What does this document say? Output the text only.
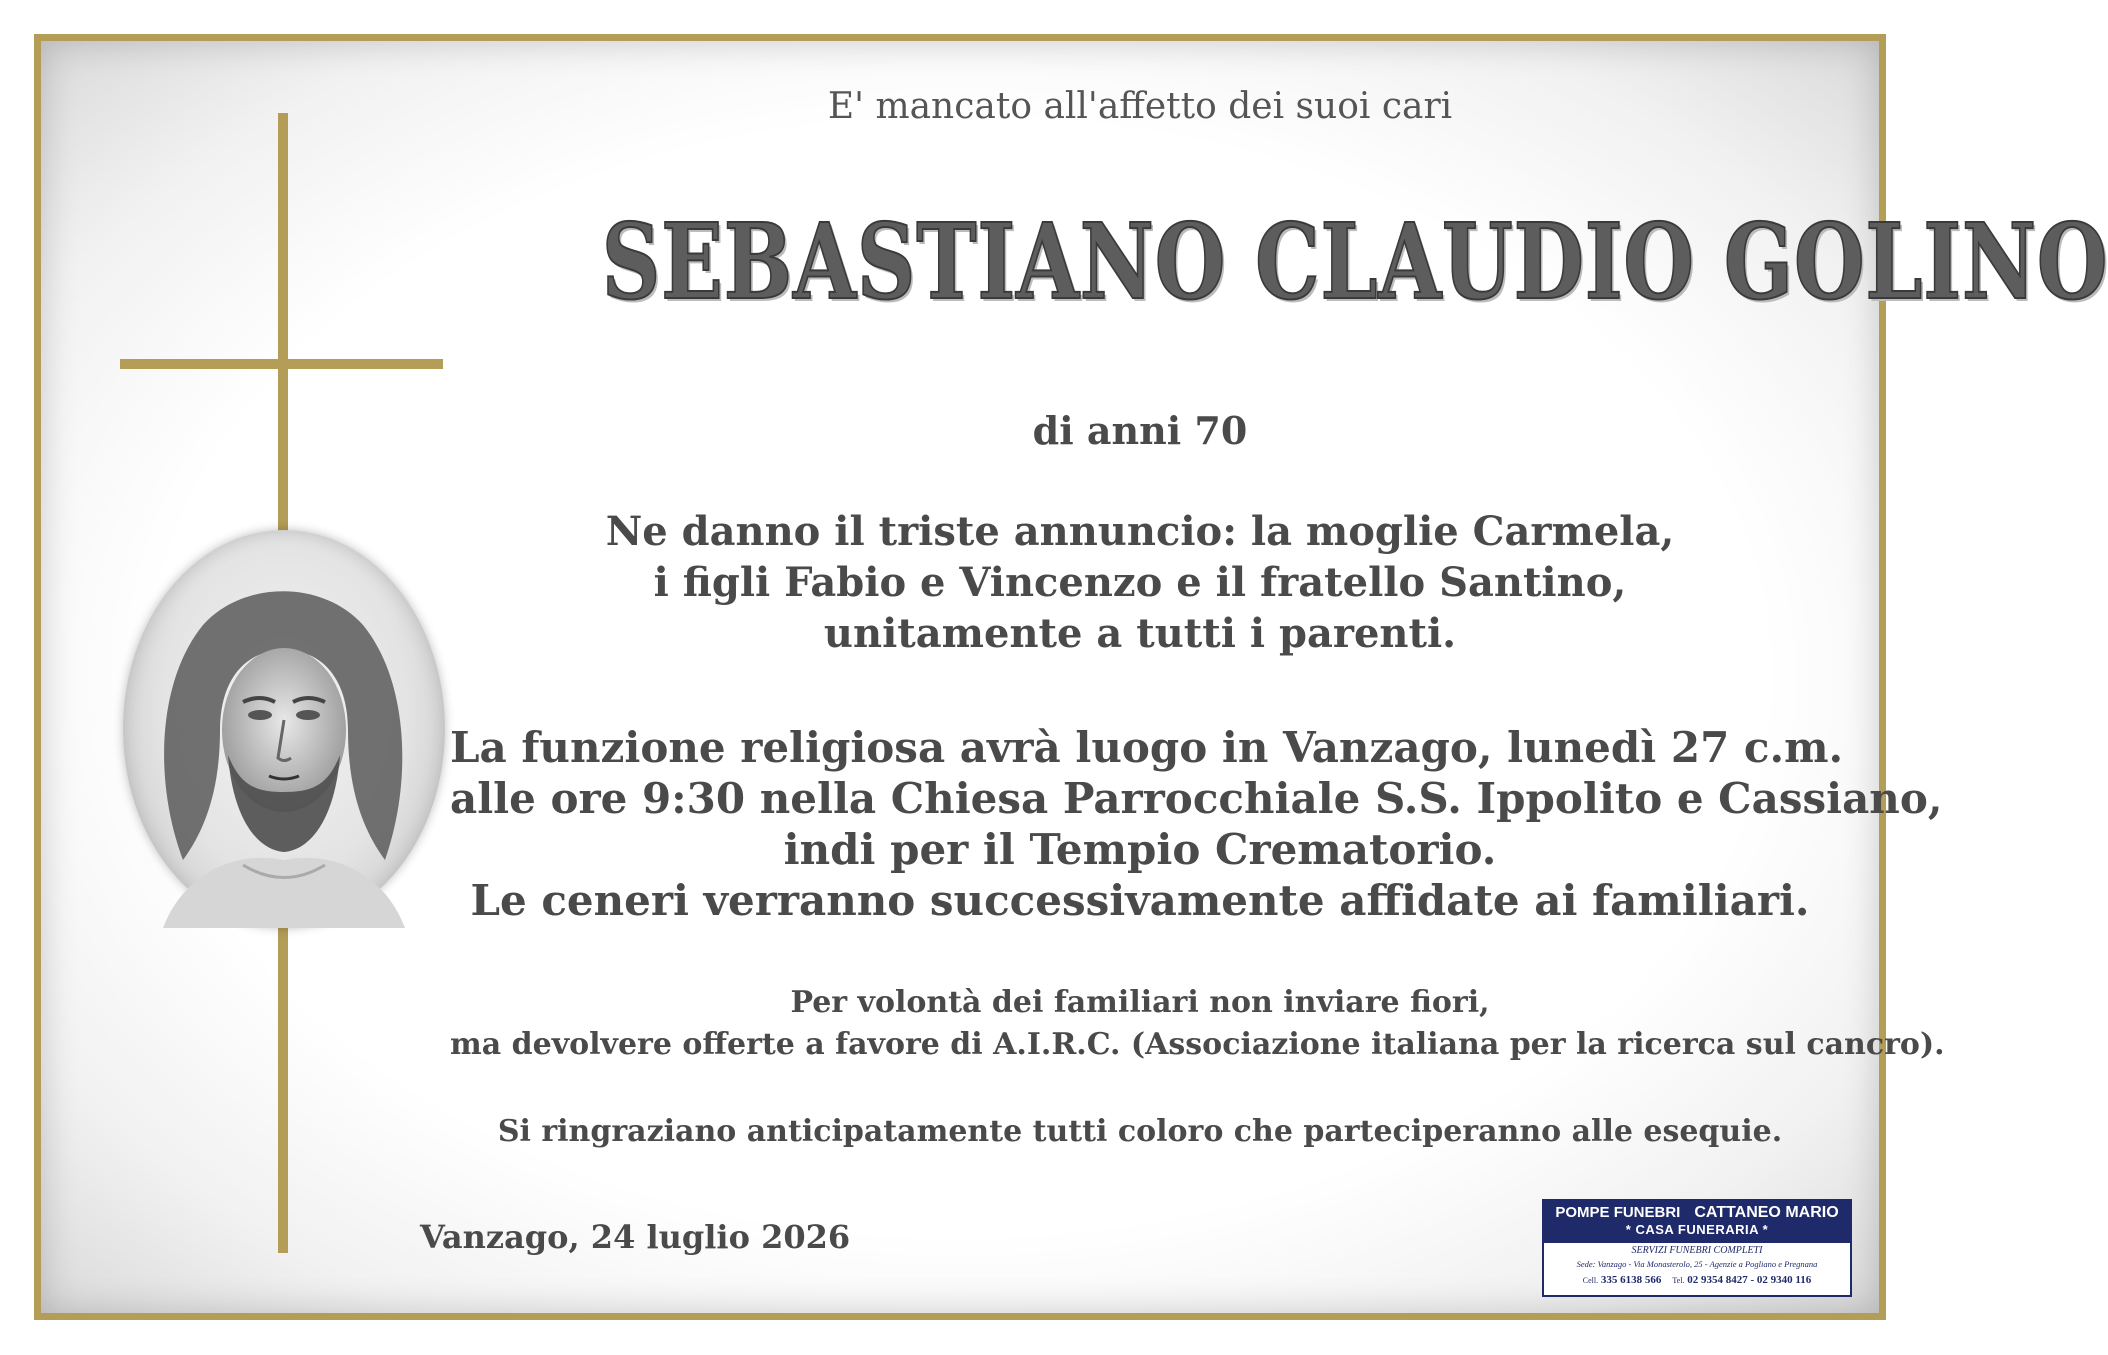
E' mancato all'affetto dei suoi cari
SEBASTIANO CLAUDIO GOLINO
di anni 70
Ne danno il triste annuncio: la moglie Carmela,
i figli Fabio e Vincenzo e il fratello Santino,
unitamente a tutti i parenti.
La funzione religiosa avrà luogo in Vanzago, lunedì 27 c.m.
alle ore 9:30 nella Chiesa Parrocchiale S.S. Ippolito e Cassiano,
indi per il Tempio Crematorio.
Le ceneri verranno successivamente affidate ai familiari.
Per volontà dei familiari non inviare fiori,
ma devolvere offerte a favore di A.I.R.C. (Associazione italiana per la ricerca sul cancro).
Si ringraziano anticipatamente tutti coloro che parteciperanno alle esequie.
Vanzago, 24 luglio 2026
POMPE FUNEBRI CATTANEO MARIO
* CASA FUNERARIA *
SERVIZI FUNEBRI COMPLETI
Sede: Vanzago - Via Monasterolo, 25 - Agenzie a Pogliano e Pregnana
Cell. 335 6138 566 Tel. 02 9354 8427 - 02 9340 116
